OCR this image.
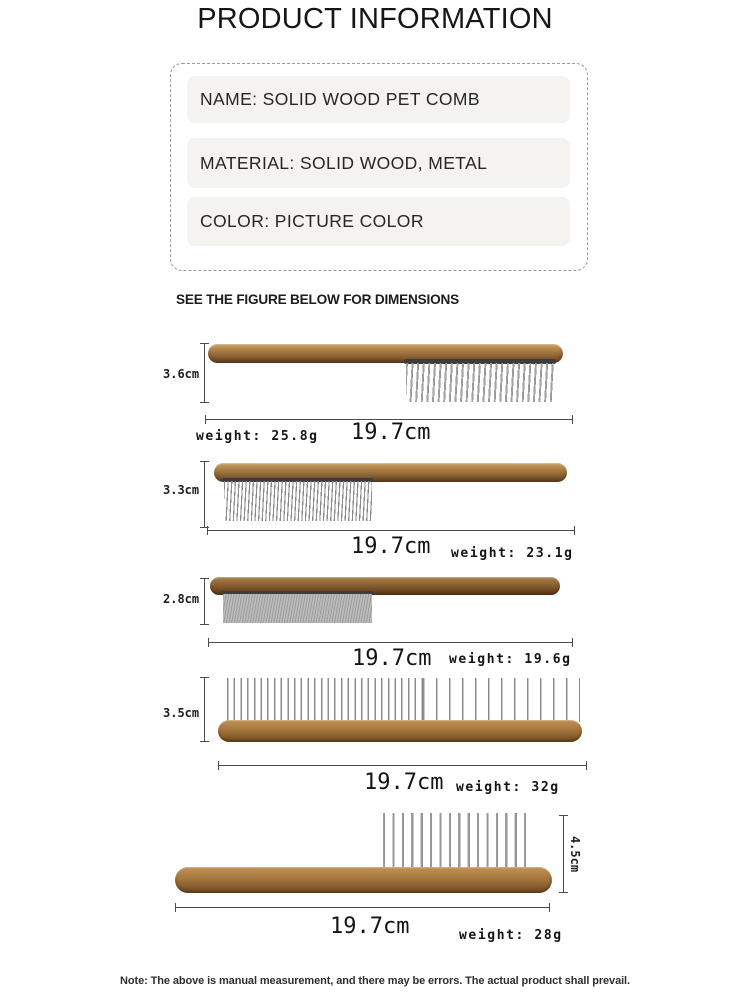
PRODUCT INFORMATION
NAME: SOLID WOOD PET COMB
MATERIAL: SOLID WOOD, METAL
COLOR: PICTURE COLOR
SEE THE FIGURE BELOW FOR DIMENSIONS
3.6cm
19.7cm
weight: 25.8g
3.3cm
19.7cm weight: 23.1g
2.8cm
19.7cm weight: 19.6g
3.5cm
19.7cm weight: 32g
4.5cm
19.7cm	weight: 28g
Note: The above is manual measurement, and there may be errors. The actual product shall prevail.
